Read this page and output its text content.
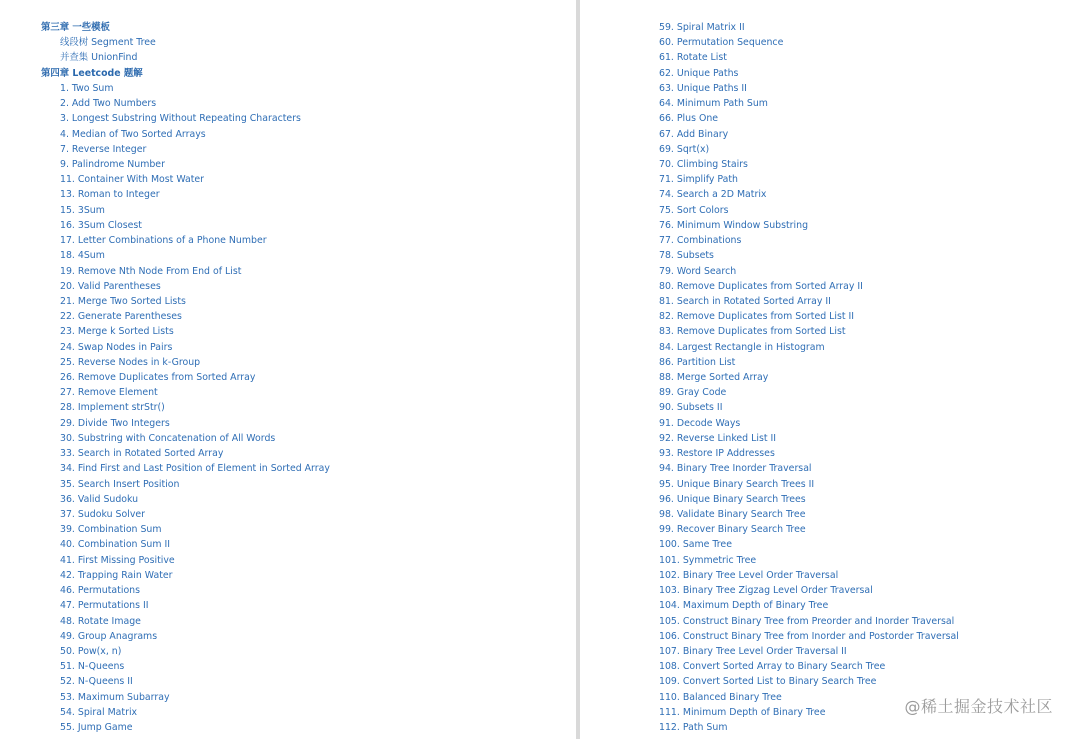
第三章 一些模板
线段树 Segment Tree
并查集 UnionFind
第四章 Leetcode 题解
1. Two Sum
2. Add Two Numbers
3. Longest Substring Without Repeating Characters
4. Median of Two Sorted Arrays
7. Reverse Integer
9. Palindrome Number
11. Container With Most Water
13. Roman to Integer
15. 3Sum
16. 3Sum Closest
17. Letter Combinations of a Phone Number
18. 4Sum
19. Remove Nth Node From End of List
20. Valid Parentheses
21. Merge Two Sorted Lists
22. Generate Parentheses
23. Merge k Sorted Lists
24. Swap Nodes in Pairs
25. Reverse Nodes in k-Group
26. Remove Duplicates from Sorted Array
27. Remove Element
28. Implement strStr()
29. Divide Two Integers
30. Substring with Concatenation of All Words
33. Search in Rotated Sorted Array
34. Find First and Last Position of Element in Sorted Array
35. Search Insert Position
36. Valid Sudoku
37. Sudoku Solver
39. Combination Sum
40. Combination Sum II
41. First Missing Positive
42. Trapping Rain Water
46. Permutations
47. Permutations II
48. Rotate Image
49. Group Anagrams
50. Pow(x, n)
51. N-Queens
52. N-Queens II
53. Maximum Subarray
54. Spiral Matrix
55. Jump Game
59. Spiral Matrix II
60. Permutation Sequence
61. Rotate List
62. Unique Paths
63. Unique Paths II
64. Minimum Path Sum
66. Plus One
67. Add Binary
69. Sqrt(x)
70. Climbing Stairs
71. Simplify Path
74. Search a 2D Matrix
75. Sort Colors
76. Minimum Window Substring
77. Combinations
78. Subsets
79. Word Search
80. Remove Duplicates from Sorted Array II
81. Search in Rotated Sorted Array II
82. Remove Duplicates from Sorted List II
83. Remove Duplicates from Sorted List
84. Largest Rectangle in Histogram
86. Partition List
88. Merge Sorted Array
89. Gray Code
90. Subsets II
91. Decode Ways
92. Reverse Linked List II
93. Restore IP Addresses
94. Binary Tree Inorder Traversal
95. Unique Binary Search Trees II
96. Unique Binary Search Trees
98. Validate Binary Search Tree
99. Recover Binary Search Tree
100. Same Tree
101. Symmetric Tree
102. Binary Tree Level Order Traversal
103. Binary Tree Zigzag Level Order Traversal
104. Maximum Depth of Binary Tree
105. Construct Binary Tree from Preorder and Inorder Traversal
106. Construct Binary Tree from Inorder and Postorder Traversal
107. Binary Tree Level Order Traversal II
108. Convert Sorted Array to Binary Search Tree
109. Convert Sorted List to Binary Search Tree
110. Balanced Binary Tree
111. Minimum Depth of Binary Tree
112. Path Sum
@稀土掘金技术社区
